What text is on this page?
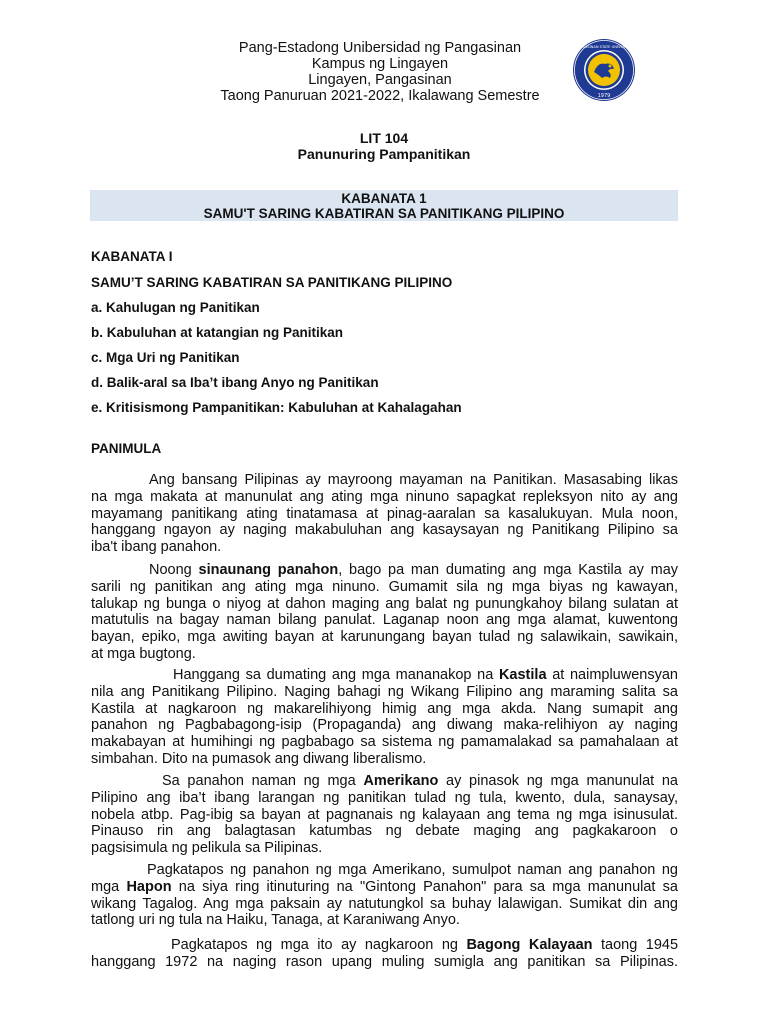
Pang-Estadong Unibersidad ng Pangasinan
Kampus ng Lingayen
Lingayen, Pangasinan
Taong Panuruan 2021-2022, Ikalawang Semestre	1979
PANGASINAN STATE UNIVERSITY
LIT 104
Panunuring Pampanitikan
KABANATA 1
SAMU'T SARING KABATIRAN SA PANITIKANG PILIPINO
KABANATA I
SAMU’T SARING KABATIRAN SA PANITIKANG PILIPINO
a. Kahulugan ng Panitikan
b. Kabuluhan at katangian ng Panitikan
c. Mga Uri ng Panitikan
d. Balik-aral sa Iba’t ibang Anyo ng Panitikan
e. Kritisismong Pampanitikan: Kabuluhan at Kahalagahan
PANIMULA
Ang bansang Pilipinas ay mayroong mayaman na Panitikan. Masasabing likas
na mga makata at manunulat ang ating mga ninuno sapagkat repleksyon nito ay ang
mayamang panitikang ating tinatamasa at pinag-aaralan sa kasalukuyan. Mula noon,
hanggang ngayon ay naging makabuluhan ang kasaysayan ng Panitikang Pilipino sa
iba't ibang panahon.
Noong sinaunang panahon, bago pa man dumating ang mga Kastila ay may
sarili ng panitikan ang ating mga ninuno. Gumamit sila ng mga biyas ng kawayan,
talukap ng bunga o niyog at dahon maging ang balat ng punungkahoy bilang sulatan at
matutulis na bagay naman bilang panulat. Laganap noon ang mga alamat, kuwentong
bayan, epiko, mga awiting bayan at karunungang bayan tulad ng salawikain, sawikain,
at mga bugtong.
Hanggang sa dumating ang mga mananakop na Kastila at naimpluwensyan
nila ang Panitikang Pilipino. Naging bahagi ng Wikang Filipino ang maraming salita sa
Kastila at nagkaroon ng makarelihiyong himig ang mga akda. Nang sumapit ang
panahon ng Pagbabagong-isip (Propaganda) ang diwang maka-relihiyon ay naging
makabayan at humihingi ng pagbabago sa sistema ng pamamalakad sa pamahalaan at
simbahan. Dito na pumasok ang diwang liberalismo.
Sa panahon naman ng mga Amerikano ay pinasok ng mga manunulat na
Pilipino ang iba’t ibang larangan ng panitikan tulad ng tula, kwento, dula, sanaysay,
nobela atbp. Pag-ibig sa bayan at pagnanais ng kalayaan ang tema ng mga isinusulat.
Pinauso rin ang balagtasan katumbas ng debate maging ang pagkakaroon o
pagsisimula ng pelikula sa Pilipinas.
Pagkatapos ng panahon ng mga Amerikano, sumulpot naman ang panahon ng
mga Hapon na siya ring itinuturing na "Gintong Panahon" para sa mga manunulat sa
wikang Tagalog. Ang mga paksain ay natutungkol sa buhay lalawigan. Sumikat din ang
tatlong uri ng tula na Haiku, Tanaga, at Karaniwang Anyo.
Pagkatapos ng mga ito ay nagkaroon ng Bagong Kalayaan taong 1945
hanggang 1972 na naging rason upang muling sumigla ang panitikan sa Pilipinas.
